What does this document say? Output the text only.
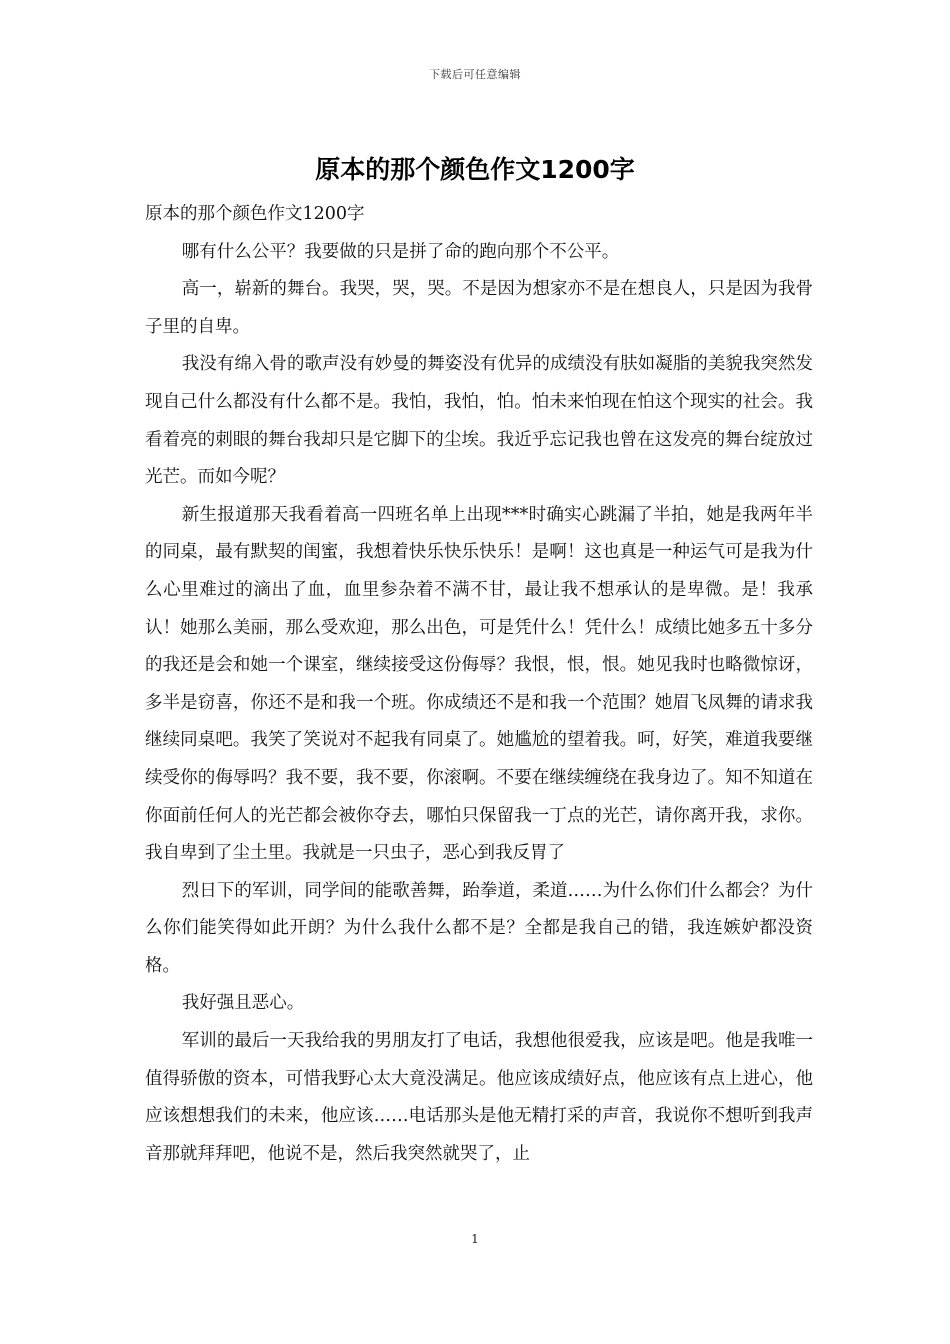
下载后可任意编辑
原本的那个颜色作文1200字

原本的那个颜色作文1200字

哪有什么公平？我要做的只是拼了命的跑向那个不公平。

高一，崭新的舞台。我哭，哭，哭。不是因为想家亦不是在想良人，只是因为我骨子里的自卑。

我没有绵入骨的歌声没有妙曼的舞姿没有优异的成绩没有肤如凝脂的美貌我突然发现自己什么都没有什么都不是。我怕，我怕，怕。怕未来怕现在怕这个现实的社会。我看着亮的刺眼的舞台我却只是它脚下的尘埃。我近乎忘记我也曾在这发亮的舞台绽放过光芒。而如今呢？

新生报道那天我看着高一四班名单上出现***时确实心跳漏了半拍，她是我两年半的同桌，最有默契的闺蜜，我想着快乐快乐快乐！是啊！这也真是一种运气可是我为什么心里难过的滴出了血，血里参杂着不满不甘，最让我不想承认的是卑微。是！我承认！她那么美丽，那么受欢迎，那么出色，可是凭什么！凭什么！成绩比她多五十多分的我还是会和她一个课室，继续接受这份侮辱？我恨，恨，恨。她见我时也略微惊讶，多半是窃喜，你还不是和我一个班。你成绩还不是和我一个范围？她眉飞凤舞的请求我继续同桌吧。我笑了笑说对不起我有同桌了。她尴尬的望着我。呵，好笑，难道我要继续受你的侮辱吗？我不要，我不要，你滚啊。不要在继续缠绕在我身边了。知不知道在你面前任何人的光芒都会被你夺去，哪怕只保留我一丁点的光芒，请你离开我，求你。我自卑到了尘土里。我就是一只虫子，恶心到我反胃了

烈日下的军训，同学间的能歌善舞，跆拳道，柔道……为什么你们什么都会？为什么你们能笑得如此开朗？为什么我什么都不是？全都是我自己的错，我连嫉妒都没资格。

我好强且恶心。

军训的最后一天我给我的男朋友打了电话，我想他很爱我，应该是吧。他是我唯一值得骄傲的资本，可惜我野心太大竟没满足。他应该成绩好点，他应该有点上进心，他应该想想我们的未来，他应该……电话那头是他无精打采的声音，我说你不想听到我声音那就拜拜吧，他说不是，然后我突然就哭了，止

1
